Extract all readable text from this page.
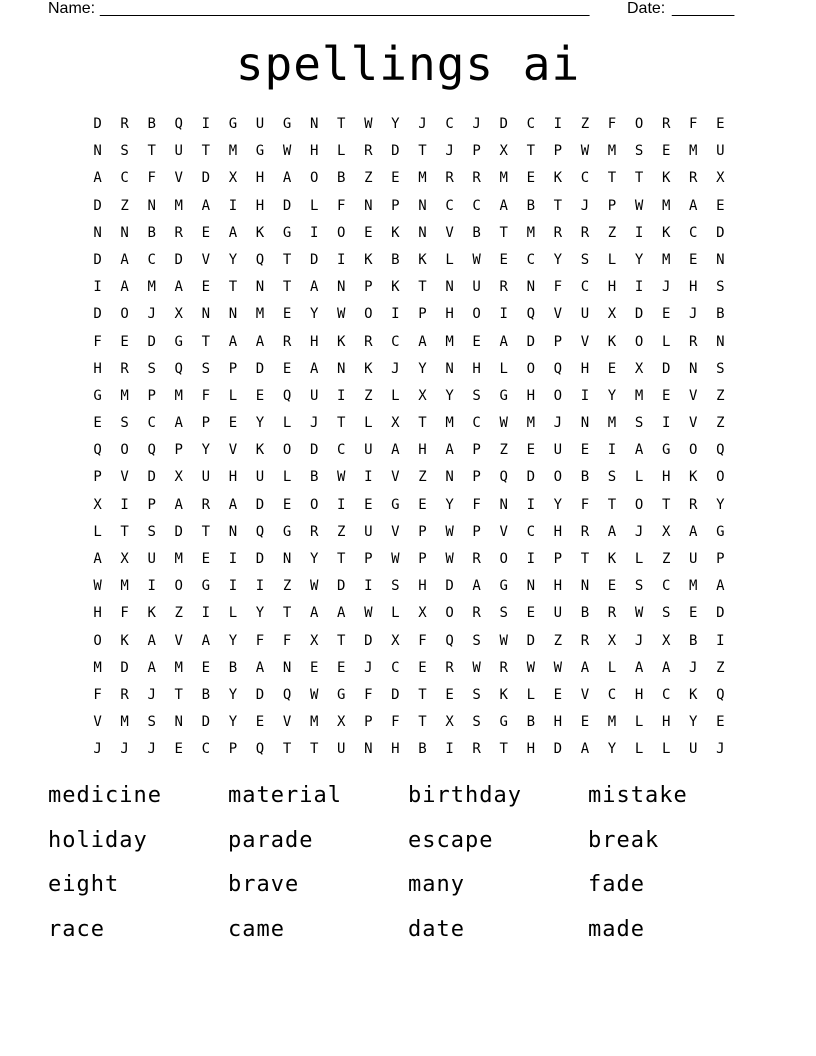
Name: _______________________________________________________ Date: _______
spellings ai
D	R	B	Q	I	G	U	G	N	T	W	Y	J	C	J	D	C	I	Z	F	O	R	F	E
N	S	T	U	T	M	G	W	H	L	R	D	T	J	P	X	T	P	W	M	S	E	M	U
A	C	F	V	D	X	H	A	O	B	Z	E	M	R	R	M	E	K	C	T	T	K	R	X
D	Z	N	M	A	I	H	D	L	F	N	P	N	C	C	A	B	T	J	P	W	M	A	E
N	N	B	R	E	A	K	G	I	O	E	K	N	V	B	T	M	R	R	Z	I	K	C	D
D	A	C	D	V	Y	Q	T	D	I	K	B	K	L	W	E	C	Y	S	L	Y	M	E	N
I	A	M	A	E	T	N	T	A	N	P	K	T	N	U	R	N	F	C	H	I	J	H	S
D	O	J	X	N	N	M	E	Y	W	O	I	P	H	O	I	Q	V	U	X	D	E	J	B
F	E	D	G	T	A	A	R	H	K	R	C	A	M	E	A	D	P	V	K	O	L	R	N
H	R	S	Q	S	P	D	E	A	N	K	J	Y	N	H	L	O	Q	H	E	X	D	N	S
G	M	P	M	F	L	E	Q	U	I	Z	L	X	Y	S	G	H	O	I	Y	M	E	V	Z
E	S	C	A	P	E	Y	L	J	T	L	X	T	M	C	W	M	J	N	M	S	I	V	Z
Q	O	Q	P	Y	V	K	O	D	C	U	A	H	A	P	Z	E	U	E	I	A	G	O	Q
P	V	D	X	U	H	U	L	B	W	I	V	Z	N	P	Q	D	O	B	S	L	H	K	O
X	I	P	A	R	A	D	E	O	I	E	G	E	Y	F	N	I	Y	F	T	O	T	R	Y
L	T	S	D	T	N	Q	G	R	Z	U	V	P	W	P	V	C	H	R	A	J	X	A	G
A	X	U	M	E	I	D	N	Y	T	P	W	P	W	R	O	I	P	T	K	L	Z	U	P
W	M	I	O	G	I	I	Z	W	D	I	S	H	D	A	G	N	H	N	E	S	C	M	A
H	F	K	Z	I	L	Y	T	A	A	W	L	X	O	R	S	E	U	B	R	W	S	E	D
O	K	A	V	A	Y	F	F	X	T	D	X	F	Q	S	W	D	Z	R	X	J	X	B	I
M	D	A	M	E	B	A	N	E	E	J	C	E	R	W	R	W	W	A	L	A	A	J	Z
F	R	J	T	B	Y	D	Q	W	G	F	D	T	E	S	K	L	E	V	C	H	C	K	Q
V	M	S	N	D	Y	E	V	M	X	P	F	T	X	S	G	B	H	E	M	L	H	Y	E
J	J	J	E	C	P	Q	T	T	U	N	H	B	I	R	T	H	D	A	Y	L	L	U	J
medicine	material	birthday	mistake
holiday	parade	escape	break
eight	brave	many	fade
race	came	date	made
